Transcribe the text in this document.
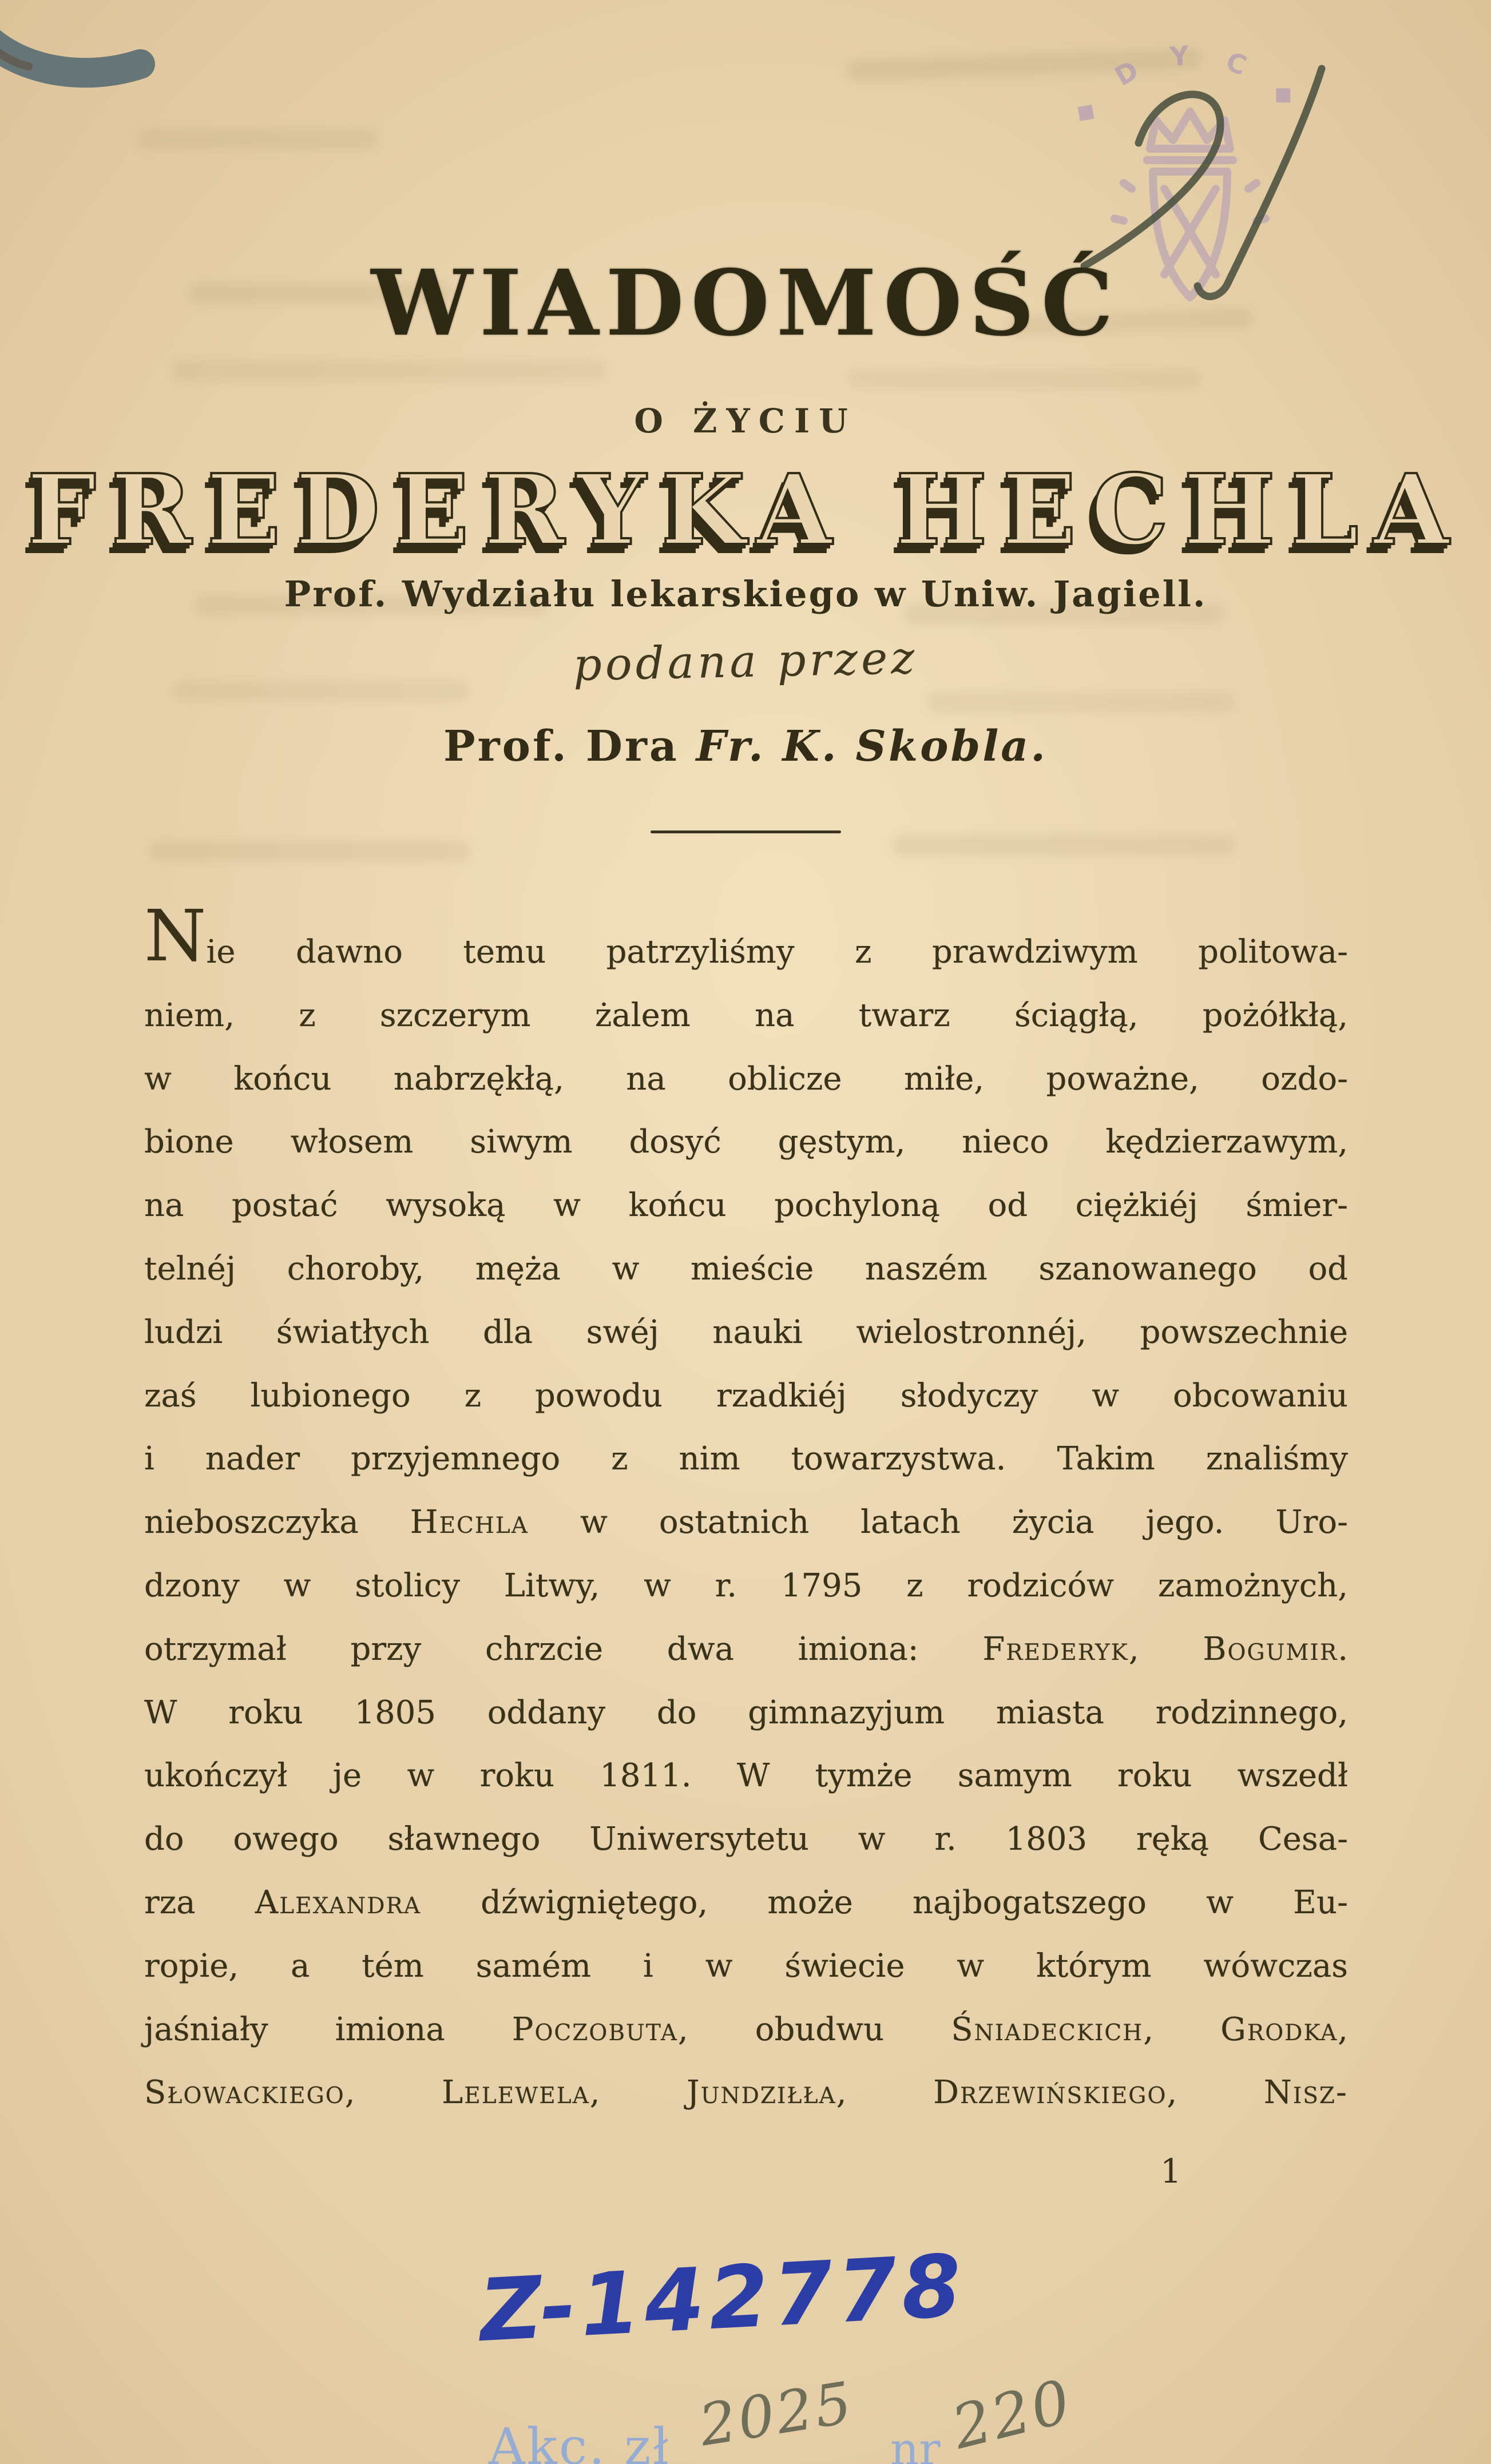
◆
D Y C
◆
WIADOMOŚĆ
O ŻYCIU
FREDERYKA HECHLA
Prof. Wydziału lekarskiego w Uniw. Jagiell.
podana przez
Prof. Dra Fr. K. Skobla.
Nie dawno temu patrzyliśmy z prawdziwym politowa-
niem, z szczerym żalem na twarz ściągłą, pożółkłą,
w końcu nabrzękłą, na oblicze miłe, poważne, ozdo-
bione włosem siwym dosyć gęstym, nieco kędzierzawym,
na postać wysoką w końcu pochyloną od ciężkiéj śmier-
telnéj choroby, męża w mieście naszém szanowanego od
ludzi światłych dla swéj nauki wielostronnéj, powszechnie
zaś lubionego z powodu rzadkiéj słodyczy w obcowaniu
i nader przyjemnego z nim towarzystwa. Takim znaliśmy
nieboszczyka Hechla w ostatnich latach życia jego. Uro-
dzony w stolicy Litwy, w r. 1795 z rodziców zamożnych,
otrzymał przy chrzcie dwa imiona: Frederyk, Bogumir.
W roku 1805 oddany do gimnazyjum miasta rodzinnego,
ukończył je w roku 1811. W tymże samym roku wszedł
do owego sławnego Uniwersytetu w r. 1803 ręką Cesa-
rza Alexandra dźwigniętego, może najbogatszego w Eu-
ropie, a tém samém i w świecie w którym wówczas
jaśniały imiona Poczobuta, obudwu Śniadeckich, Grodka,
Słowackiego, Lelewela, Jundziłła, Drzewińskiego, Nisz-
1
Z-142778
Akc. zł 2025 nr 220
